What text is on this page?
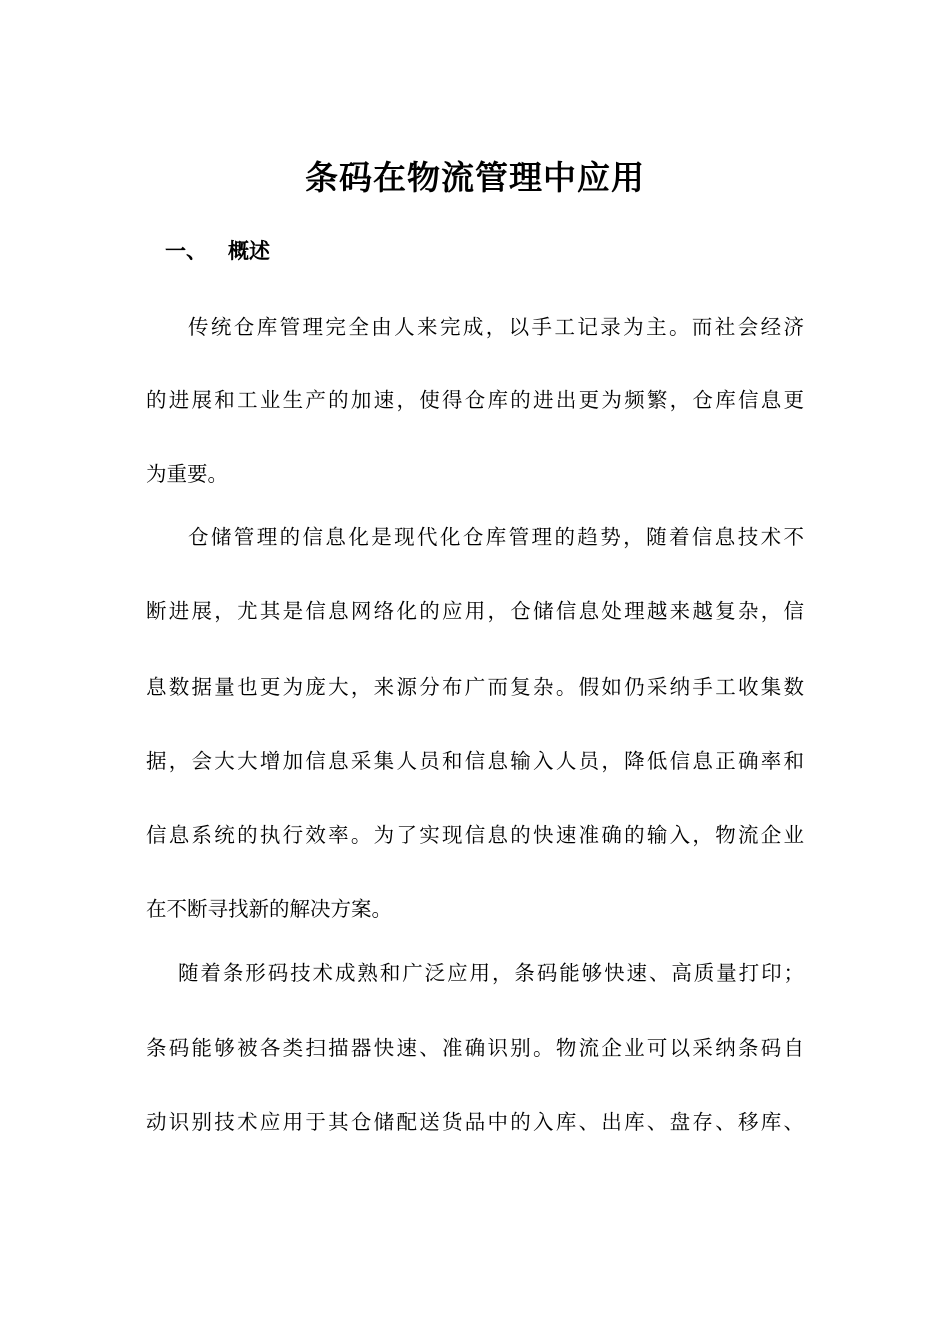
条码在物流管理中应用
一、 概述
传统仓库管理完全由人来完成，以手工记录为主。而社会经济
的进展和工业生产的加速，使得仓库的进出更为频繁，仓库信息更
为重要。
仓储管理的信息化是现代化仓库管理的趋势，随着信息技术不
断进展，尤其是信息网络化的应用，仓储信息处理越来越复杂，信
息数据量也更为庞大，来源分布广而复杂。假如仍采纳手工收集数
据，会大大增加信息采集人员和信息输入人员，降低信息正确率和
信息系统的执行效率。为了实现信息的快速准确的输入，物流企业
在不断寻找新的解决方案。
随着条形码技术成熟和广泛应用，条码能够快速、高质量打印；
条码能够被各类扫描器快速、准确识别。物流企业可以采纳条码自
动识别技术应用于其仓储配送货品中的入库、出库、盘存、移库、
